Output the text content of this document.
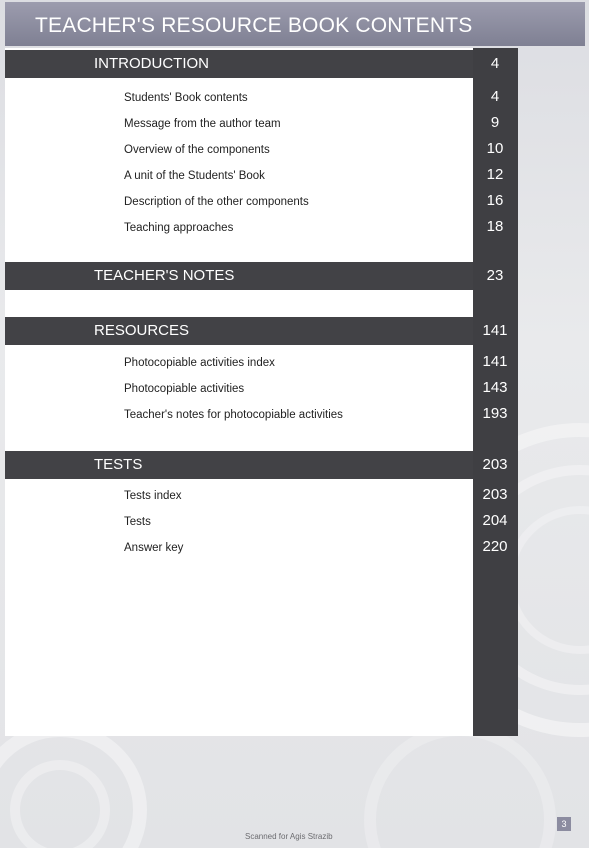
TEACHER'S RESOURCE BOOK CONTENTS
INTRODUCTION	4
Students' Book contents	4
Message from the author team	9
Overview of the components	10
A unit of the Students' Book	12
Description of the other components	16
Teaching approaches	18
TEACHER'S NOTES	23
RESOURCES	141
Photocopiable activities index	141
Photocopiable activities	143
Teacher's notes for photocopiable activities	193
TESTS	203
Tests index	203
Tests	204
Answer key	220
Scanned for Agis Strazib
3
